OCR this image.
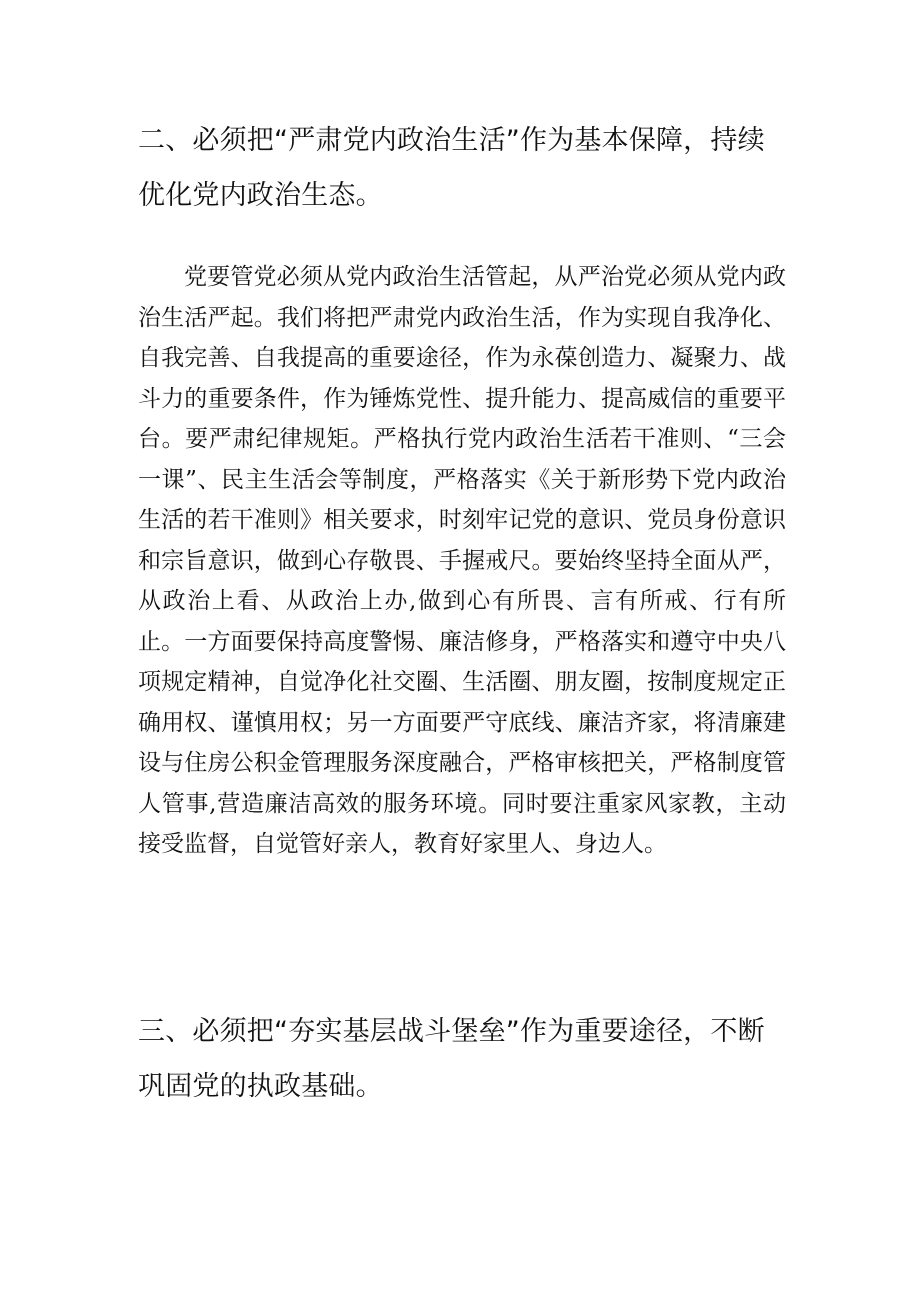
二、必须把“严肃党内政治生活”作为基本保障，持续优化党内政治生态。

党要管党必须从党内政治生活管起，从严治党必须从党内政治生活严起。我们将把严肃党内政治生活，作为实现自我净化、自我完善、自我提高的重要途径，作为永葆创造力、凝聚力、战斗力的重要条件，作为锤炼党性、提升能力、提高威信的重要平台。要严肃纪律规矩。严格执行党内政治生活若干准则、“三会一课”、民主生活会等制度，严格落实《关于新形势下党内政治生活的若干准则》相关要求，时刻牢记党的意识、党员身份意识和宗旨意识，做到心存敬畏、手握戒尺。要始终坚持全面从严，从政治上看、从政治上办,做到心有所畏、言有所戒、行有所止。一方面要保持高度警惕、廉洁修身，严格落实和遵守中央八项规定精神，自觉净化社交圈、生活圈、朋友圈，按制度规定正确用权、谨慎用权；另一方面要严守底线、廉洁齐家，将清廉建设与住房公积金管理服务深度融合，严格审核把关，严格制度管人管事,营造廉洁高效的服务环境。同时要注重家风家教，主动接受监督，自觉管好亲人，教育好家里人、身边人。

三、必须把“夯实基层战斗堡垒”作为重要途径，不断巩固党的执政基础。
